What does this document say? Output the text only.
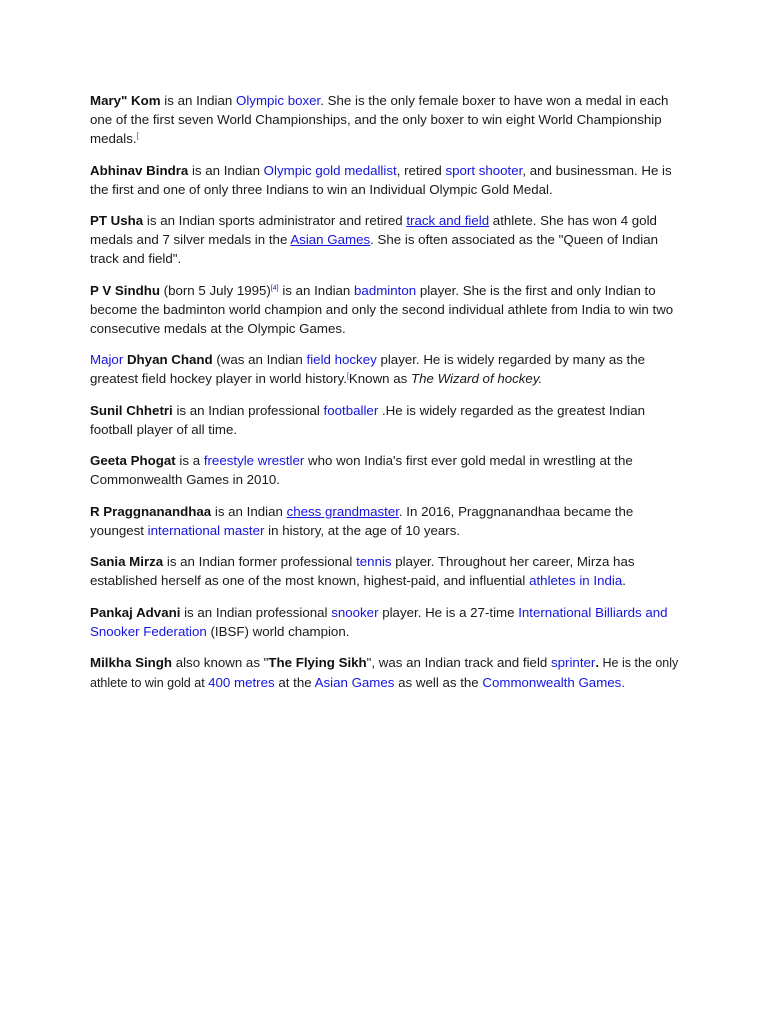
Mary" Kom is an Indian Olympic boxer. She is the only female boxer to have won a medal in each one of the first seven World Championships, and the only boxer to win eight World Championship medals.[

Abhinav Bindra is an Indian Olympic gold medallist, retired sport shooter, and businessman. He is the first and one of only three Indians to win an Individual Olympic Gold Medal.

PT Usha is an Indian sports administrator and retired track and field athlete. She has won 4 gold medals and 7 silver medals in the Asian Games. She is often associated as the "Queen of Indian track and field".

P V Sindhu (born 5 July 1995)[4] is an Indian badminton player. She is the first and only Indian to become the badminton world champion and only the second individual athlete from India to win two consecutive medals at the Olympic Games.

Major Dhyan Chand (was an Indian field hockey player. He is widely regarded by many as the greatest field hockey player in world history.[Known as The Wizard of hockey.

Sunil Chhetri is an Indian professional footballer .He is widely regarded as the greatest Indian football player of all time.

Geeta Phogat is a freestyle wrestler who won India's first ever gold medal in wrestling at the Commonwealth Games in 2010.

R Praggnanandhaa is an Indian chess grandmaster. In 2016, Praggnanandhaa became the youngest international master in history, at the age of 10 years.

Sania Mirza is an Indian former professional tennis player. Throughout her career, Mirza has established herself as one of the most known, highest-paid, and influential athletes in India.

Pankaj Advani is an Indian professional snooker player. He is a 27-time International Billiards and Snooker Federation (IBSF) world champion.

Milkha Singh also known as "The Flying Sikh", was an Indian track and field sprinter. He is the only athlete to win gold at 400 metres at the Asian Games as well as the Commonwealth Games.
